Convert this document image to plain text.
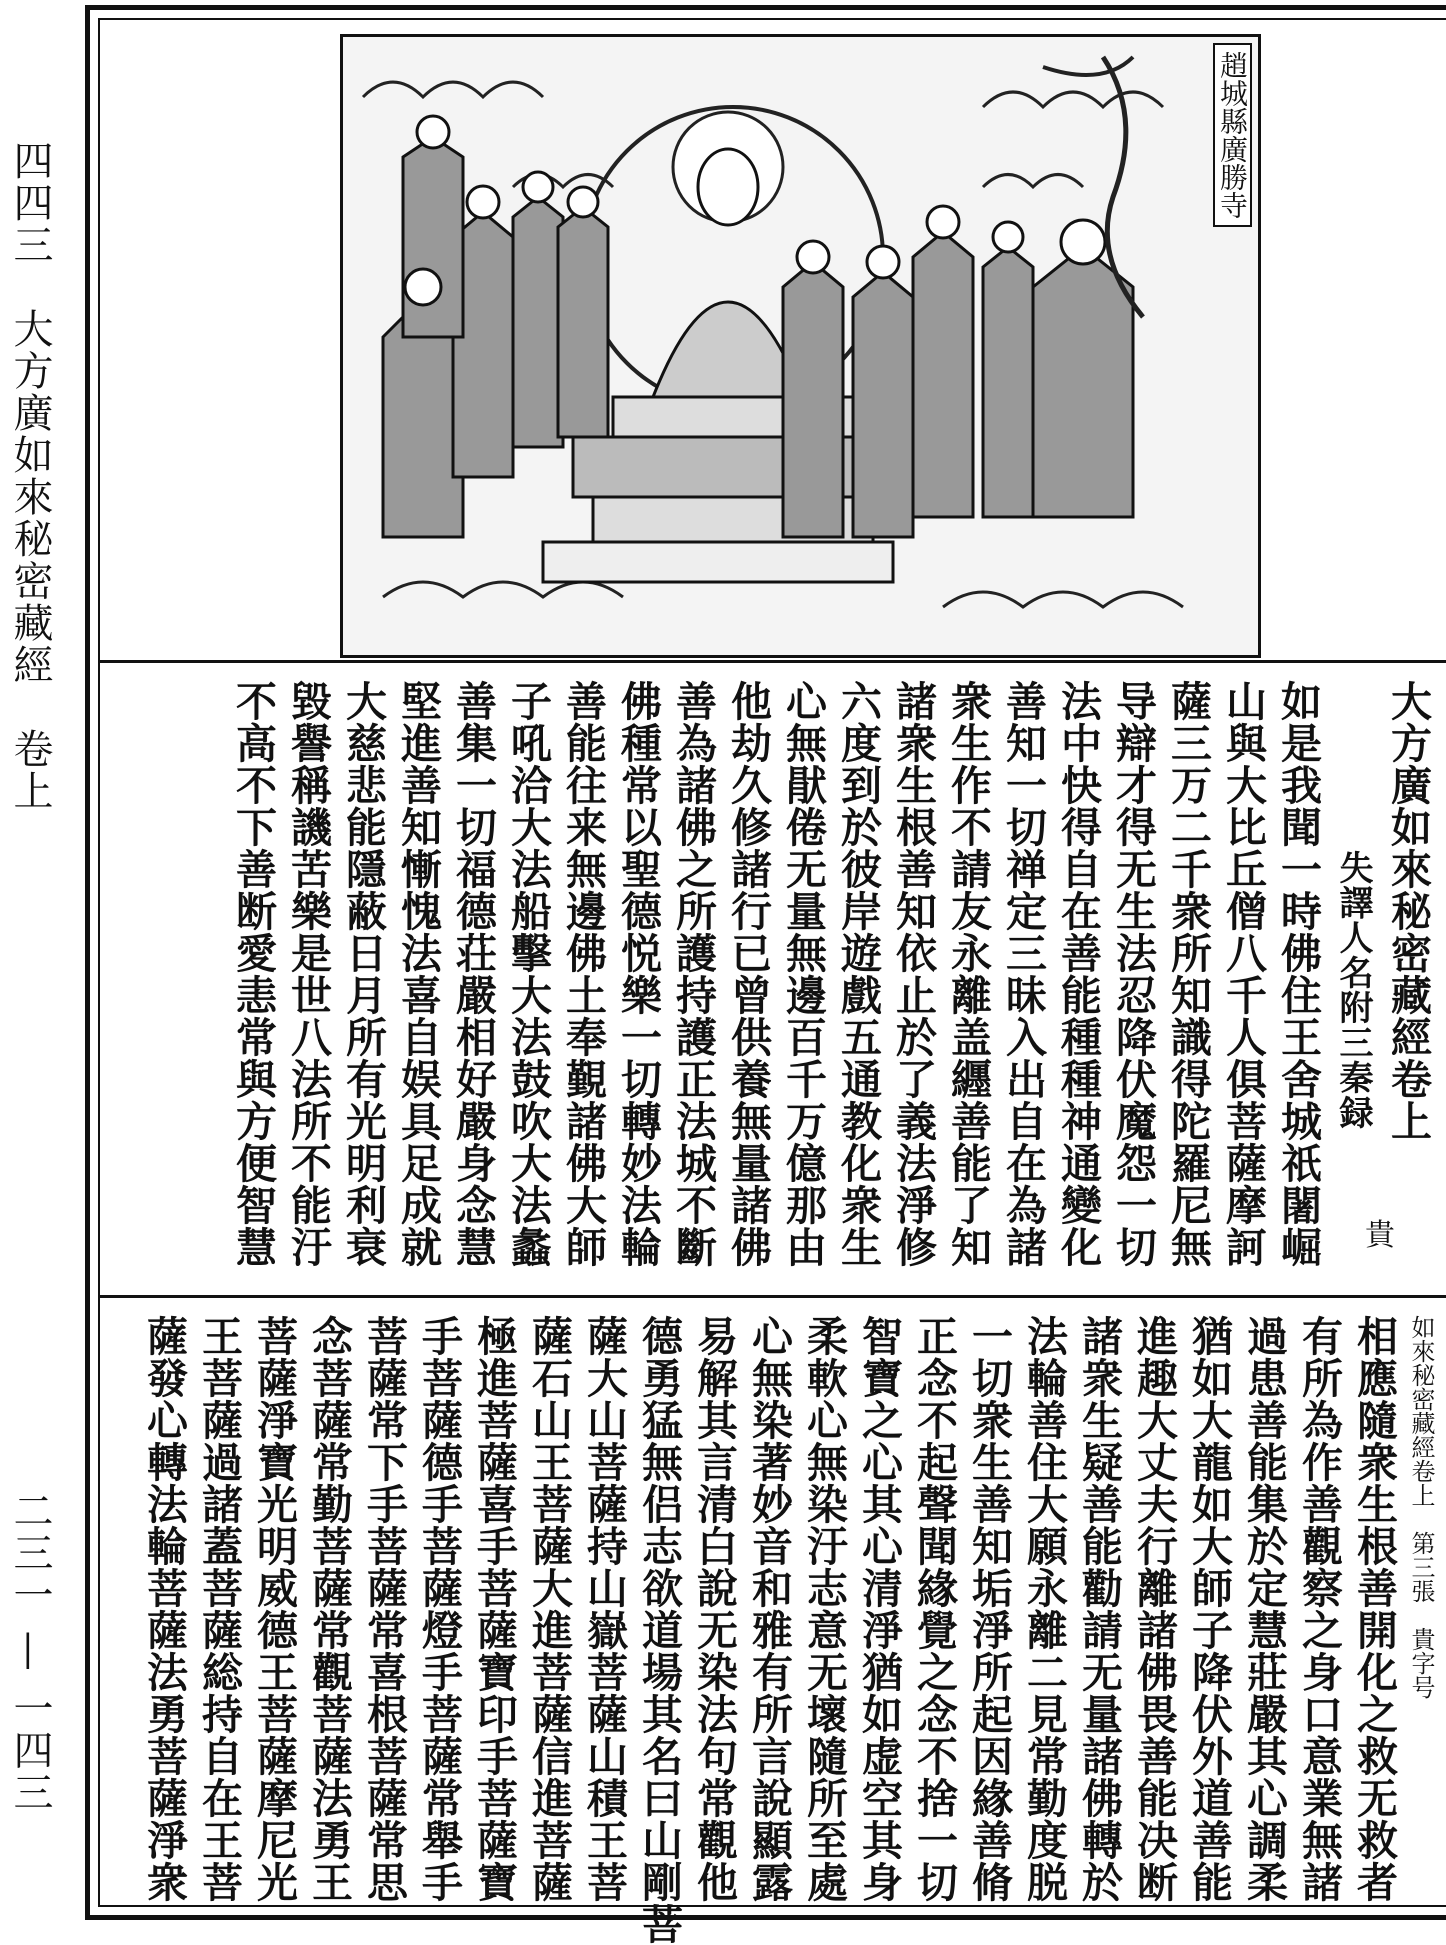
四四三　大方廣如來秘密藏經　卷上
二三一 — 一四三
趙城縣廣勝寺
大方廣如來秘密藏經卷上
失譯人名附三秦録
如是我聞一時佛住王舍城祇闍崛
山與大比丘僧八千人俱菩薩摩訶
薩三万二千衆所知識得陀羅尼無
导辯才得无生法忍降伏魔怨一切
法中快得自在善能種種神通變化
善知一切禅定三昧入出自在為諸
衆生作不請友永離盖纒善能了知
諸衆生根善知依止於了義法淨修
六度到於彼岸遊戲五通教化衆生
心無猒倦无量無邊百千万億那由
他劫久修諸行已曾供養無量諸佛
善為諸佛之所護持護正法城不斷
佛種常以聖德悦樂一切轉妙法輪
善能往来無邊佛土奉覲諸佛大師
子吼洽大法船擊大法鼓吹大法蠡
善集一切福德荘嚴相好嚴身念慧
堅進善知慚愧法喜自娱具足成就
大慈悲能隱蔽日月所有光明利衰
毀譽稱譏苦樂是世八法所不能汙
不高不下善断愛恚常與方便智慧	貴
如來秘密藏經卷上　第三張　貴字号
相應隨衆生根善開化之救无救者
有所為作善觀察之身口意業無諸
過患善能集於定慧莊嚴其心調柔
猶如大龍如大師子降伏外道善能
進趣大丈夫行離諸佛畏善能决断
諸衆生疑善能勸請无量諸佛轉於
法輪善住大願永離二見常勤度脱
一切衆生善知垢淨所起因緣善脩
正念不起聲聞緣覺之念不捨一切
智寶之心其心清淨猶如虚空其身
柔軟心無染汙志意无壞隨所至處
心無染著妙音和雅有所言說顯露
易解其言清白說无染法句常觀他
德勇猛無侣志欲道場其名曰山剛菩
薩大山菩薩持山嶽菩薩山積王菩
薩石山王菩薩大進菩薩信進菩薩
極進菩薩喜手菩薩寶印手菩薩寶
手菩薩德手菩薩燈手菩薩常舉手
菩薩常下手菩薩常喜根菩薩常思
念菩薩常勤菩薩常觀菩薩法勇王
菩薩淨寶光明威德王菩薩摩尼光
王菩薩過諸蓋菩薩総持自在王菩
薩發心轉法輪菩薩法勇菩薩淨衆
